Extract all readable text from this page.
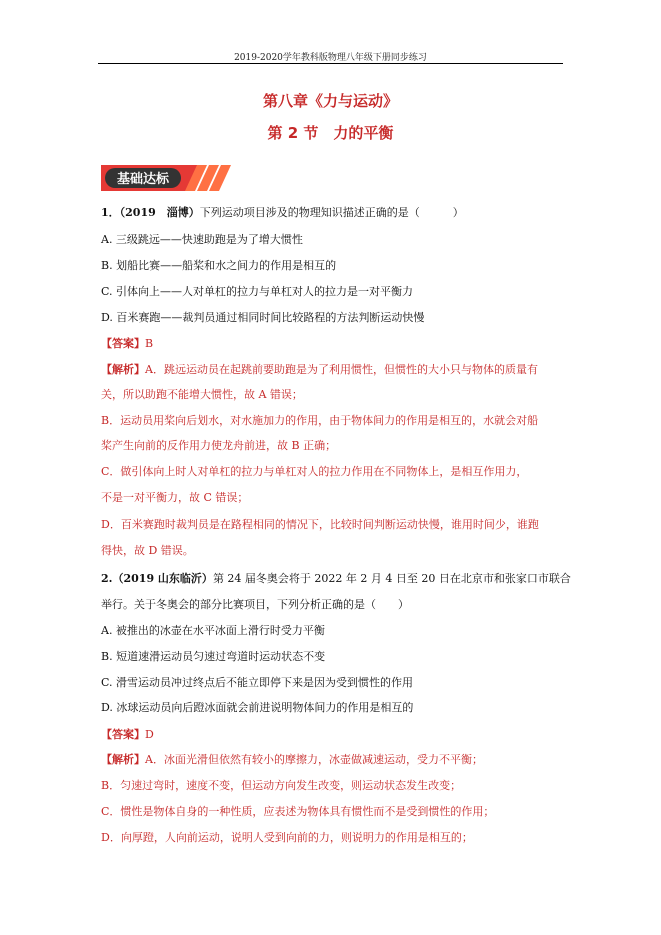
2019-2020学年教科版物理八年级下册同步练习
第八章《力与运动》
第 2 节　力的平衡
基础达标
1．（2019　淄博）下列运动项目涉及的物理知识描述正确的是（　　　）
A. 三级跳远——快速助跑是为了增大惯性
B. 划船比赛——船桨和水之间力的作用是相互的
C. 引体向上——人对单杠的拉力与单杠对人的拉力是一对平衡力
D. 百米赛跑——裁判员通过相同时间比较路程的方法判断运动快慢
【答案】B
【解析】A．跳远运动员在起跳前要助跑是为了利用惯性，但惯性的大小只与物体的质量有
关，所以助跑不能增大惯性，故 A 错误；
B．运动员用桨向后划水，对水施加力的作用，由于物体间力的作用是相互的，水就会对船
桨产生向前的反作用力使龙舟前进，故 B 正确；
C．做引体向上时人对单杠的拉力与单杠对人的拉力作用在不同物体上，是相互作用力，
不是一对平衡力，故 C 错误；
D．百米赛跑时裁判员是在路程相同的情况下，比较时间判断运动快慢，谁用时间少，谁跑
得快，故 D 错误。
2.（2019 山东临沂）第 24 届冬奥会将于 2022 年 2 月 4 日至 20 日在北京市和张家口市联合
举行。关于冬奥会的部分比赛项目，下列分析正确的是（　　）
A. 被推出的冰壶在水平冰面上滑行时受力平衡
B. 短道速滑运动员匀速过弯道时运动状态不变
C. 滑雪运动员冲过终点后不能立即停下来是因为受到惯性的作用
D. 冰球运动员向后蹬冰面就会前进说明物体间力的作用是相互的
【答案】D
【解析】A．冰面光滑但依然有较小的摩擦力，冰壶做减速运动，受力不平衡；
B．匀速过弯时，速度不变，但运动方向发生改变，则运动状态发生改变；
C．惯性是物体自身的一种性质，应表述为物体具有惯性而不是受到惯性的作用；
D．向厚蹬，人向前运动，说明人受到向前的力，则说明力的作用是相互的；
